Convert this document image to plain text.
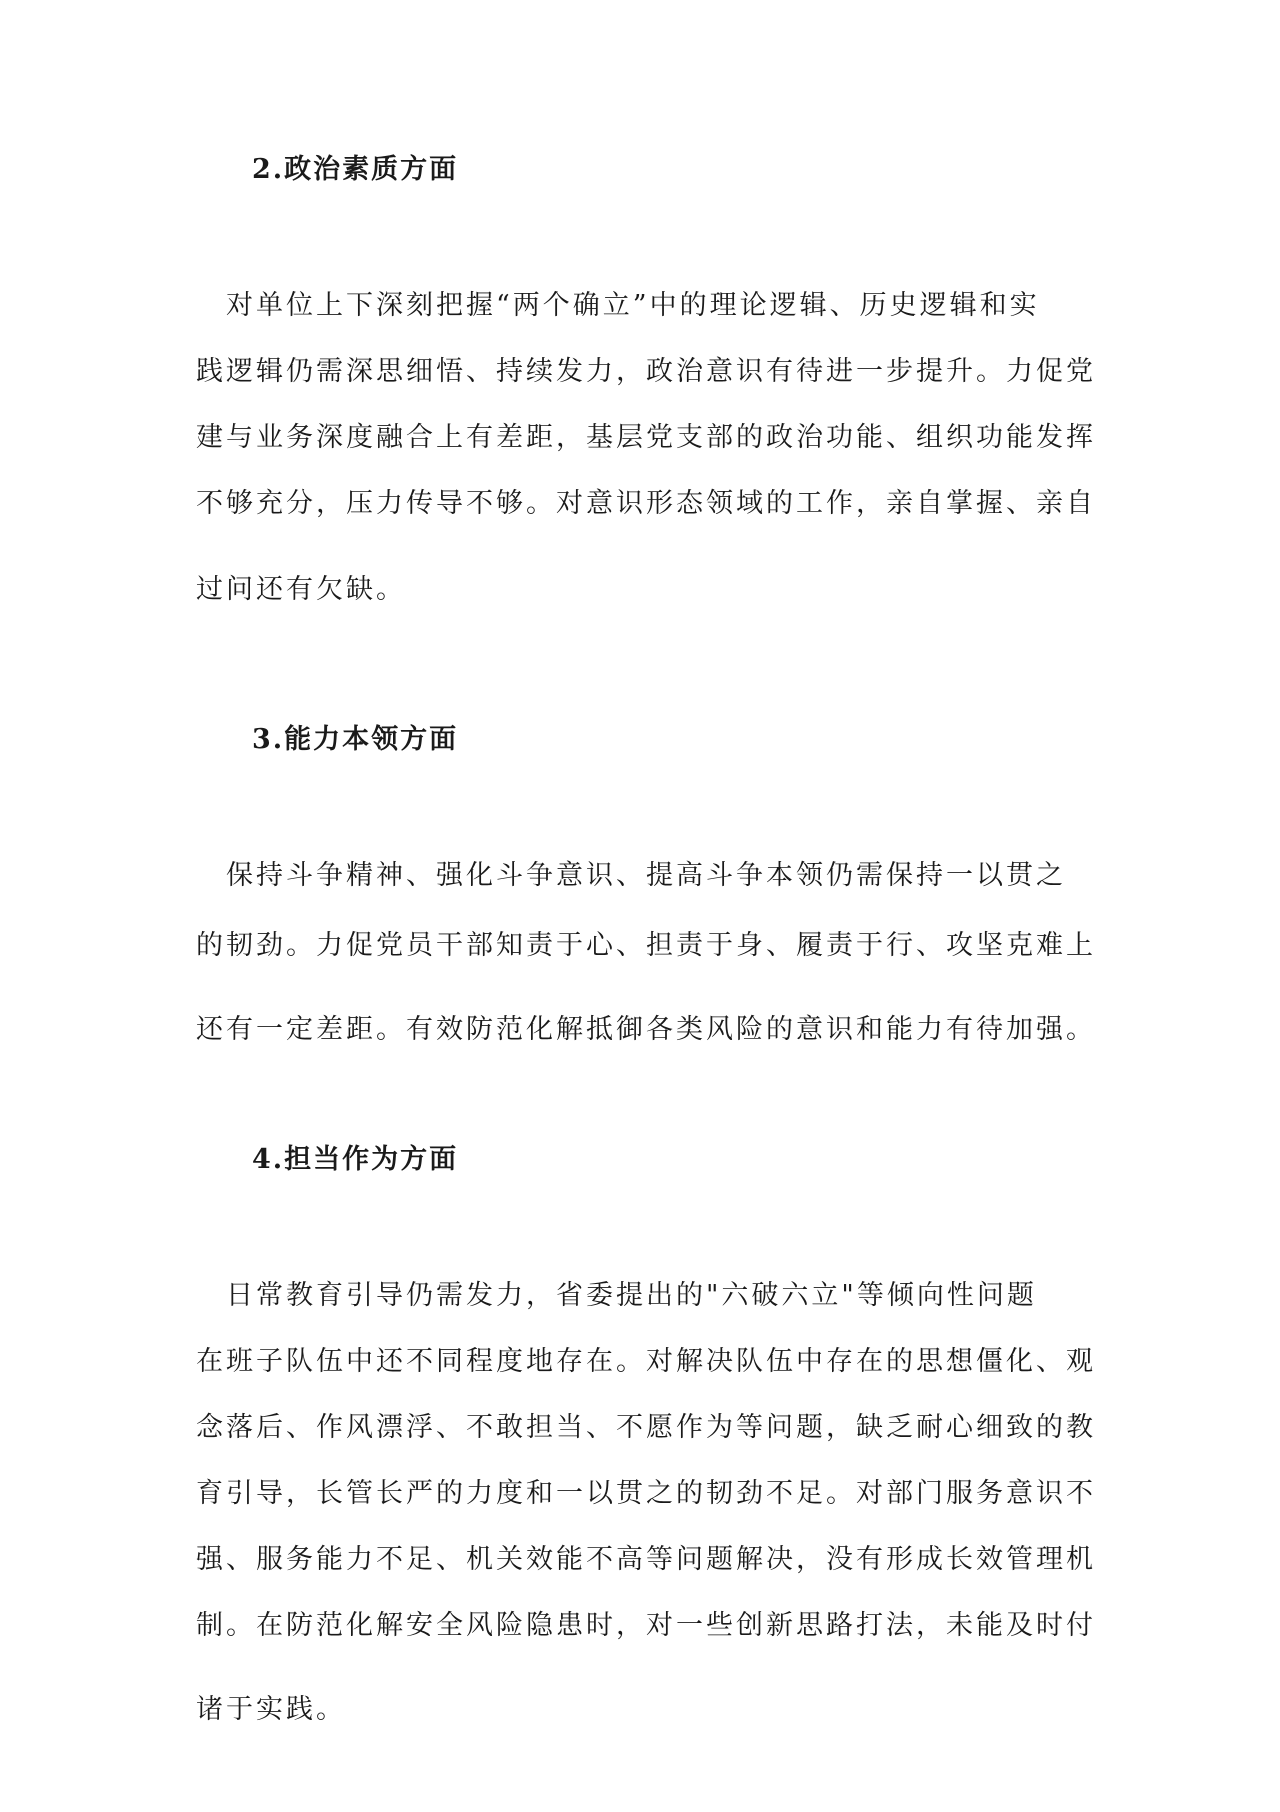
2.政治素质方面
　对单位上下深刻把握“两个确立”中的理论逻辑、历史逻辑和实
践逻辑仍需深思细悟、持续发力，政治意识有待进一步提升。力促党
建与业务深度融合上有差距，基层党支部的政治功能、组织功能发挥
不够充分，压力传导不够。对意识形态领域的工作，亲自掌握、亲自
过问还有欠缺。
3.能力本领方面
　保持斗争精神、强化斗争意识、提高斗争本领仍需保持一以贯之
的韧劲。力促党员干部知责于心、担责于身、履责于行、攻坚克难上
还有一定差距。有效防范化解抵御各类风险的意识和能力有待加强。
4.担当作为方面
　日常教育引导仍需发力，省委提出的"六破六立"等倾向性问题
在班子队伍中还不同程度地存在。对解决队伍中存在的思想僵化、观
念落后、作风漂浮、不敢担当、不愿作为等问题，缺乏耐心细致的教
育引导，长管长严的力度和一以贯之的韧劲不足。对部门服务意识不
强、服务能力不足、机关效能不高等问题解决，没有形成长效管理机
制。在防范化解安全风险隐患时，对一些创新思路打法，未能及时付
诸于实践。
